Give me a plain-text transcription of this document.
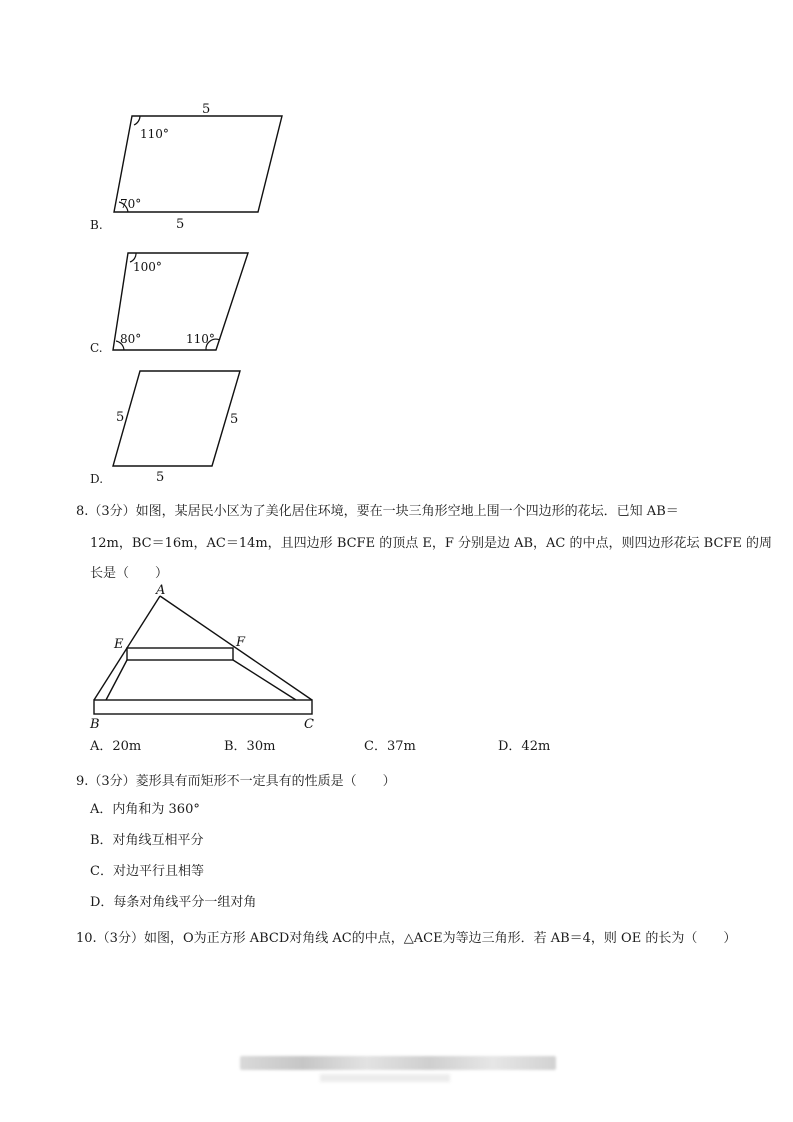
5
5
110°
70°
B.
100°
80°	110°
C.
5	5
5
D.
8.（3分）如图，某居民小区为了美化居住环境，要在一块三角形空地上围一个四边形的花坛．已知 AB＝
12m，BC＝16m，AC＝14m，且四边形 BCFE 的顶点 E，F 分别是边 AB，AC 的中点，则四边形花坛 BCFE 的周
长是（　　）
A
E	F
B	C
A．20m	B．30m	C．37m	D．42m
9.（3分）菱形具有而矩形不一定具有的性质是（　　）
A．内角和为 360°
B．对角线互相平分
C．对边平行且相等
D．每条对角线平分一组对角
10.（3分）如图，O为正方形 ABCD对角线 AC的中点，△ACE为等边三角形．若 AB＝4，则 OE 的长为（　　）
